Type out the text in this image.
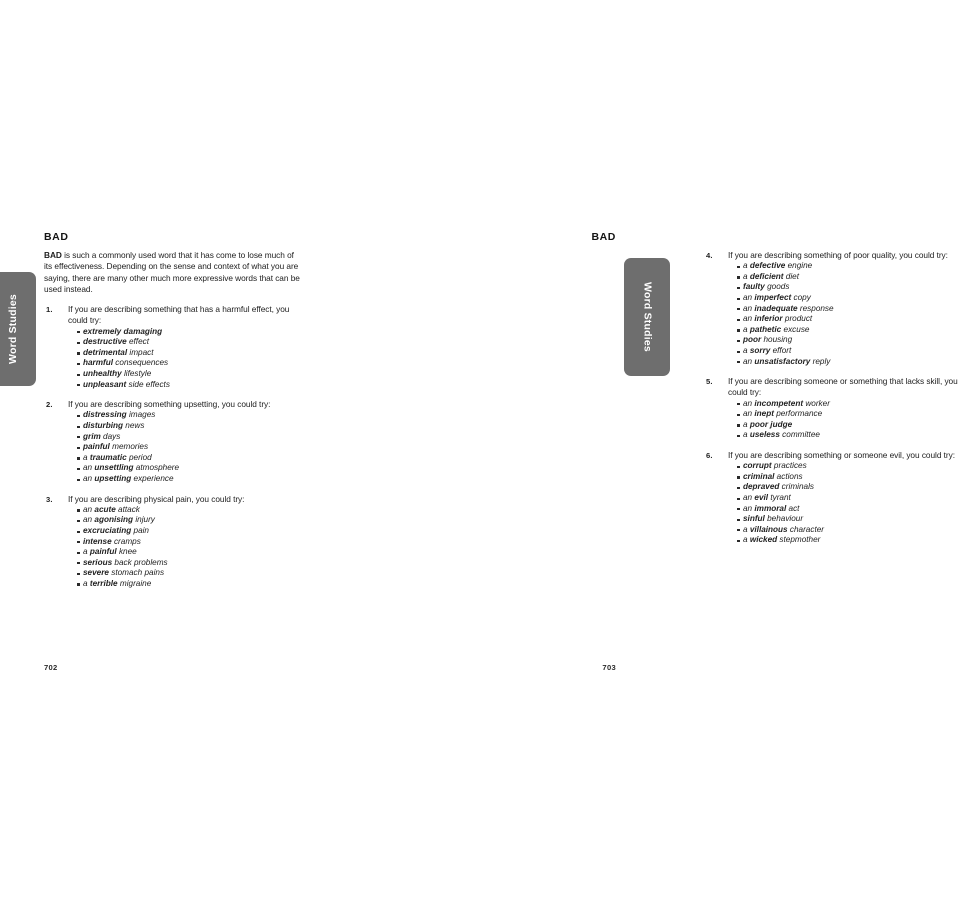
BAD

BAD is such a commonly used word that it has come to lose much of its effectiveness. Depending on the sense and context of what you are saying, there are many other much more expressive words that can be used instead.

1.	If you are describing something that has a harmful effect, you could try:

extremely damaging
destructive effect
detrimental impact
harmful consequences
unhealthy lifestyle
unpleasant side effects
2.	If you are describing something upsetting, you could try:

distressing images
disturbing news
grim days
painful memories
a traumatic period
an unsettling atmosphere
an upsetting experience
3.	If you are describing physical pain, you could try:

an acute attack
an agonising injury
excruciating pain
intense cramps
a painful knee
serious back problems
severe stomach pains
a terrible migraine
702
BAD
4.	If you are describing something of poor quality, you could try:

a defective engine
a deficient diet
faulty goods
an imperfect copy
an inadequate response
an inferior product
a pathetic excuse
poor housing
a sorry effort
an unsatisfactory reply
5.	If you are describing someone or something that lacks skill, you could try:

an incompetent worker
an inept performance
a poor judge
a useless committee
6.	If you are describing something or someone evil, you could try:

corrupt practices
criminal actions
depraved criminals
an evil tyrant
an immoral act
sinful behaviour
a villainous character
a wicked stepmother
703
Word Studies	Word Studies
